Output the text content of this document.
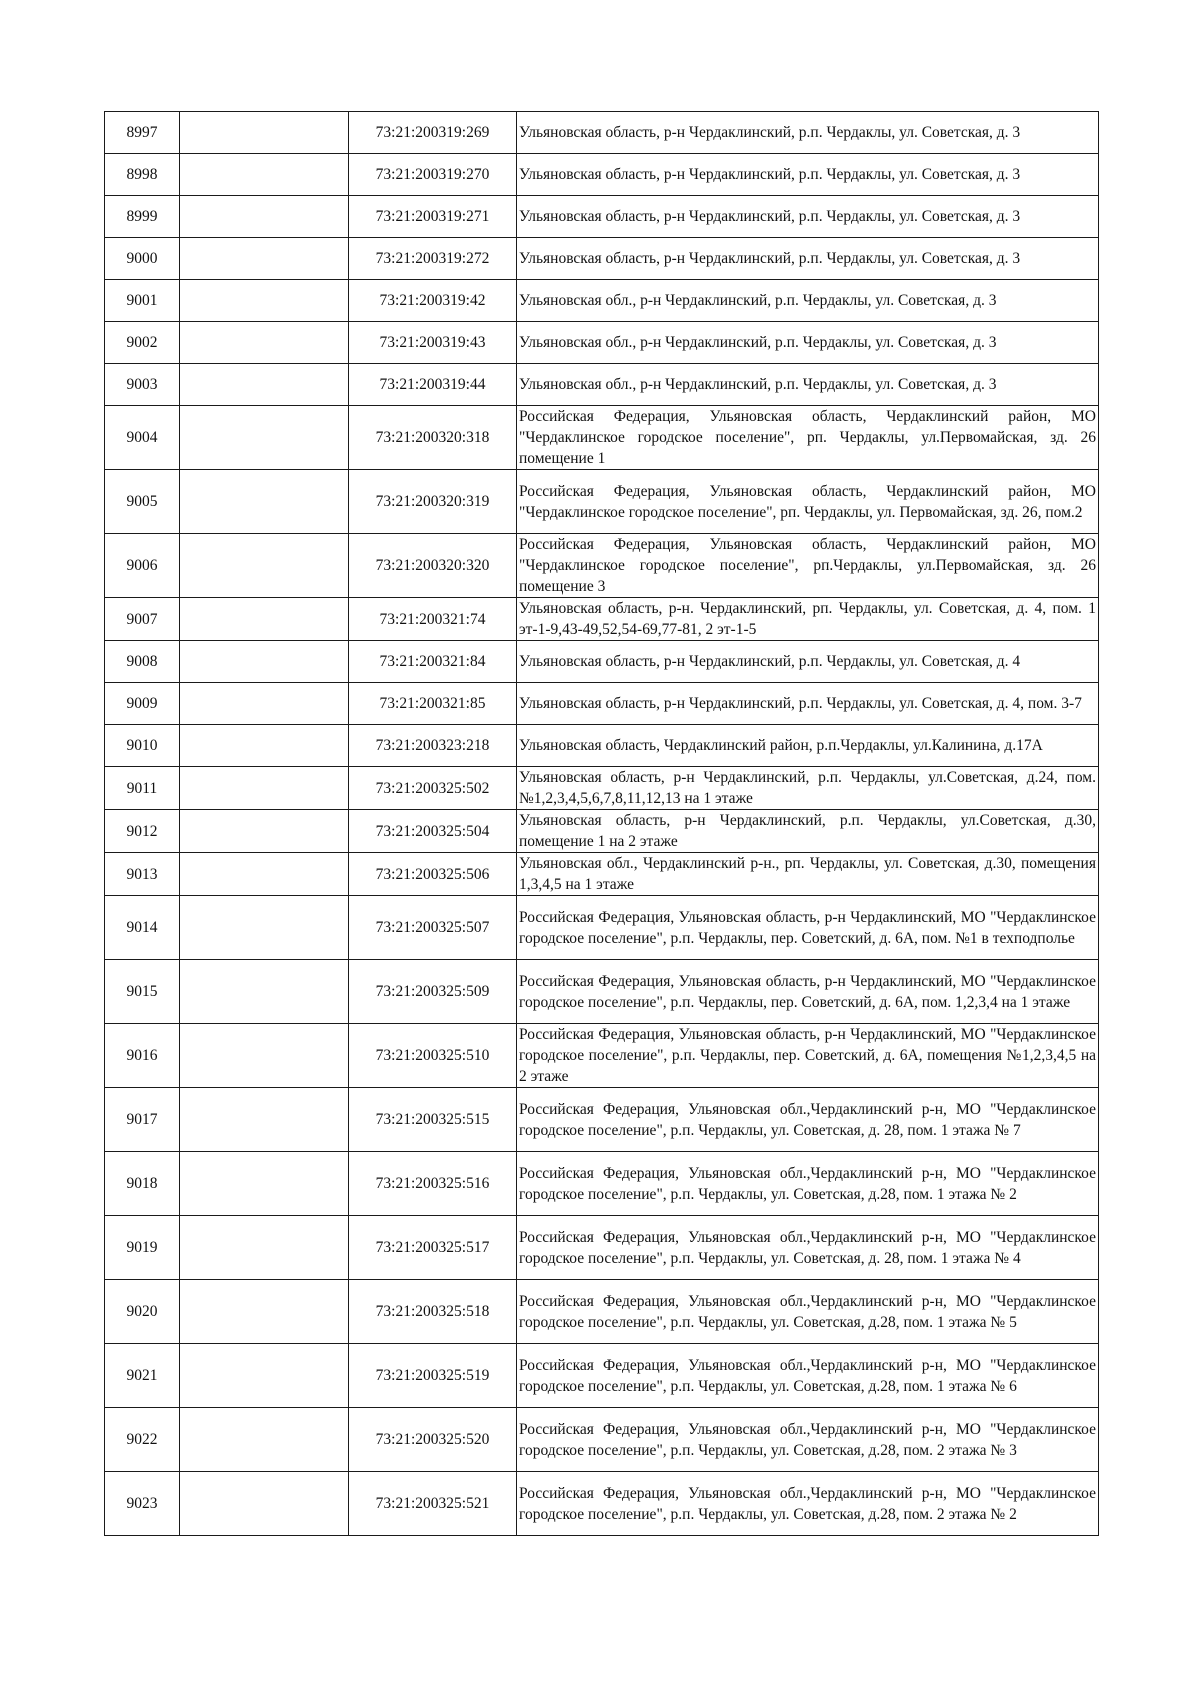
8997		73:21:200319:269	Ульяновская область, р-н Чердаклинский, р.п. Чердаклы, ул. Советская, д. 3
8998		73:21:200319:270	Ульяновская область, р-н Чердаклинский, р.п. Чердаклы, ул. Советская, д. 3
8999		73:21:200319:271	Ульяновская область, р-н Чердаклинский, р.п. Чердаклы, ул. Советская, д. 3
9000		73:21:200319:272	Ульяновская область, р-н Чердаклинский, р.п. Чердаклы, ул. Советская, д. 3
9001		73:21:200319:42	Ульяновская обл., р-н Чердаклинский, р.п. Чердаклы, ул. Советская, д. 3
9002		73:21:200319:43	Ульяновская обл., р-н Чердаклинский, р.п. Чердаклы, ул. Советская, д. 3
9003		73:21:200319:44	Ульяновская обл., р-н Чердаклинский, р.п. Чердаклы, ул. Советская, д. 3
9004		73:21:200320:318	Российская Федерация, Ульяновская область, Чердаклинский район, МО "Чердаклинское городское поселение", рп. Чердаклы, ул.Первомайская, зд. 26 помещение 1
9005		73:21:200320:319	Российская Федерация, Ульяновская область, Чердаклинский район, МО "Чердаклинское городское поселение", рп. Чердаклы, ул. Первомайская, зд. 26, пом.2
9006		73:21:200320:320	Российская Федерация, Ульяновская область, Чердаклинский район, МО "Чердаклинское городское поселение", рп.Чердаклы, ул.Первомайская, зд. 26 помещение 3
9007		73:21:200321:74	Ульяновская область, р-н. Чердаклинский, рп. Чердаклы, ул. Советская, д. 4, пом. 1 эт-1-9,43-49,52,54-69,77-81, 2 эт-1-5
9008		73:21:200321:84	Ульяновская область, р-н Чердаклинский, р.п. Чердаклы, ул. Советская, д. 4
9009		73:21:200321:85	Ульяновская область, р-н Чердаклинский, р.п. Чердаклы, ул. Советская, д. 4, пом. 3-7
9010		73:21:200323:218	Ульяновская область, Чердаклинский район, р.п.Чердаклы, ул.Калинина, д.17А
9011		73:21:200325:502	Ульяновская область, р-н Чердаклинский, р.п. Чердаклы, ул.Советская, д.24, пом. №1,2,3,4,5,6,7,8,11,12,13 на 1 этаже
9012		73:21:200325:504	Ульяновская область, р-н Чердаклинский, р.п. Чердаклы, ул.Советская, д.30, помещение 1 на 2 этаже
9013		73:21:200325:506	Ульяновская обл., Чердаклинский р-н., рп. Чердаклы, ул. Советская, д.30, помещения 1,3,4,5 на 1 этаже
9014		73:21:200325:507	Российская Федерация, Ульяновская область, р-н Чердаклинский, МО "Чердаклинское городское поселение", р.п. Чердаклы, пер. Советский, д. 6А, пом. №1 в техподполье
9015		73:21:200325:509	Российская Федерация, Ульяновская область, р-н Чердаклинский, МО "Чердаклинское городское поселение", р.п. Чердаклы, пер. Советский, д. 6А, пом. 1,2,3,4 на 1 этаже
9016		73:21:200325:510	Российская Федерация, Ульяновская область, р-н Чердаклинский, МО "Чердаклинское городское поселение", р.п. Чердаклы, пер. Советский, д. 6А, помещения №1,2,3,4,5 на 2 этаже
9017		73:21:200325:515	Российская Федерация, Ульяновская обл.,Чердаклинский р-н, МО "Чердаклинское городское поселение", р.п. Чердаклы, ул. Советская, д. 28, пом. 1 этажа № 7
9018		73:21:200325:516	Российская Федерация, Ульяновская обл.,Чердаклинский р-н, МО "Чердаклинское городское поселение", р.п. Чердаклы, ул. Советская, д.28, пом. 1 этажа № 2
9019		73:21:200325:517	Российская Федерация, Ульяновская обл.,Чердаклинский р-н, МО "Чердаклинское городское поселение", р.п. Чердаклы, ул. Советская, д. 28, пом. 1 этажа № 4
9020		73:21:200325:518	Российская Федерация, Ульяновская обл.,Чердаклинский р-н, МО "Чердаклинское городское поселение", р.п. Чердаклы, ул. Советская, д.28, пом. 1 этажа № 5
9021		73:21:200325:519	Российская Федерация, Ульяновская обл.,Чердаклинский р-н, МО "Чердаклинское городское поселение", р.п. Чердаклы, ул. Советская, д.28, пом. 1 этажа № 6
9022		73:21:200325:520	Российская Федерация, Ульяновская обл.,Чердаклинский р-н, МО "Чердаклинское городское поселение", р.п. Чердаклы, ул. Советская, д.28, пом. 2 этажа № 3
9023		73:21:200325:521	Российская Федерация, Ульяновская обл.,Чердаклинский р-н, МО "Чердаклинское городское поселение", р.п. Чердаклы, ул. Советская, д.28, пом. 2 этажа № 2
